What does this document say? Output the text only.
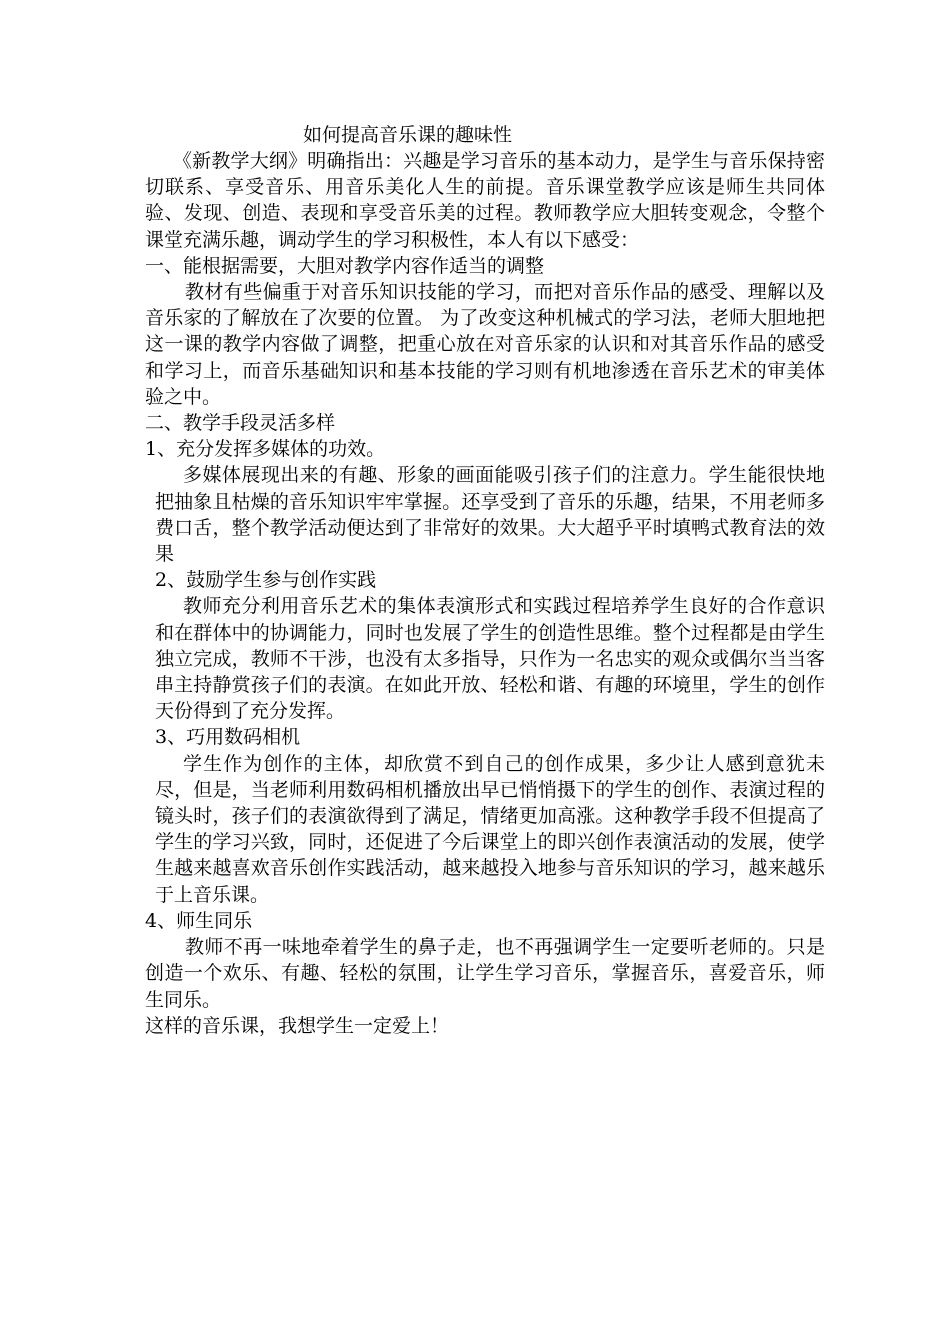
如何提高音乐课的趣味性

《新教学大纲》明确指出：兴趣是学习音乐的基本动力，是学生与音乐保持密切联系、享受音乐、用音乐美化人生的前提。音乐课堂教学应该是师生共同体验、发现、创造、表现和享受音乐美的过程。教师教学应大胆转变观念，令整个课堂充满乐趣，调动学生的学习积极性，本人有以下感受：

一、能根据需要，大胆对教学内容作适当的调整

教材有些偏重于对音乐知识技能的学习，而把对音乐作品的感受、理解以及音乐家的了解放在了次要的位置。 为了改变这种机械式的学习法，老师大胆地把这一课的教学内容做了调整，把重心放在对音乐家的认识和对其音乐作品的感受和学习上，而音乐基础知识和基本技能的学习则有机地渗透在音乐艺术的审美体验之中。

二、教学手段灵活多样
1、充分发挥多媒体的功效。

多媒体展现出来的有趣、形象的画面能吸引孩子们的注意力。学生能很快地把抽象且枯燥的音乐知识牢牢掌握。还享受到了音乐的乐趣，结果，不用老师多费口舌，整个教学活动便达到了非常好的效果。大大超乎平时填鸭式教育法的效果

2、鼓励学生参与创作实践

教师充分利用音乐艺术的集体表演形式和实践过程培养学生良好的合作意识和在群体中的协调能力，同时也发展了学生的创造性思维。整个过程都是由学生独立完成，教师不干涉，也没有太多指导，只作为一名忠实的观众或偶尔当当客串主持静赏孩子们的表演。在如此开放、轻松和谐、有趣的环境里，学生的创作天份得到了充分发挥。

3、巧用数码相机

学生作为创作的主体，却欣赏不到自己的创作成果，多少让人感到意犹未尽，但是，当老师利用数码相机播放出早已悄悄摄下的学生的创作、表演过程的镜头时，孩子们的表演欲得到了满足，情绪更加高涨。这种教学手段不但提高了学生的学习兴致，同时，还促进了今后课堂上的即兴创作表演活动的发展，使学生越来越喜欢音乐创作实践活动，越来越投入地参与音乐知识的学习，越来越乐于上音乐课。

4、师生同乐

教师不再一味地牵着学生的鼻子走，也不再强调学生一定要听老师的。只是创造一个欢乐、有趣、轻松的氛围，让学生学习音乐，掌握音乐，喜爱音乐，师生同乐。

这样的音乐课，我想学生一定爱上！
